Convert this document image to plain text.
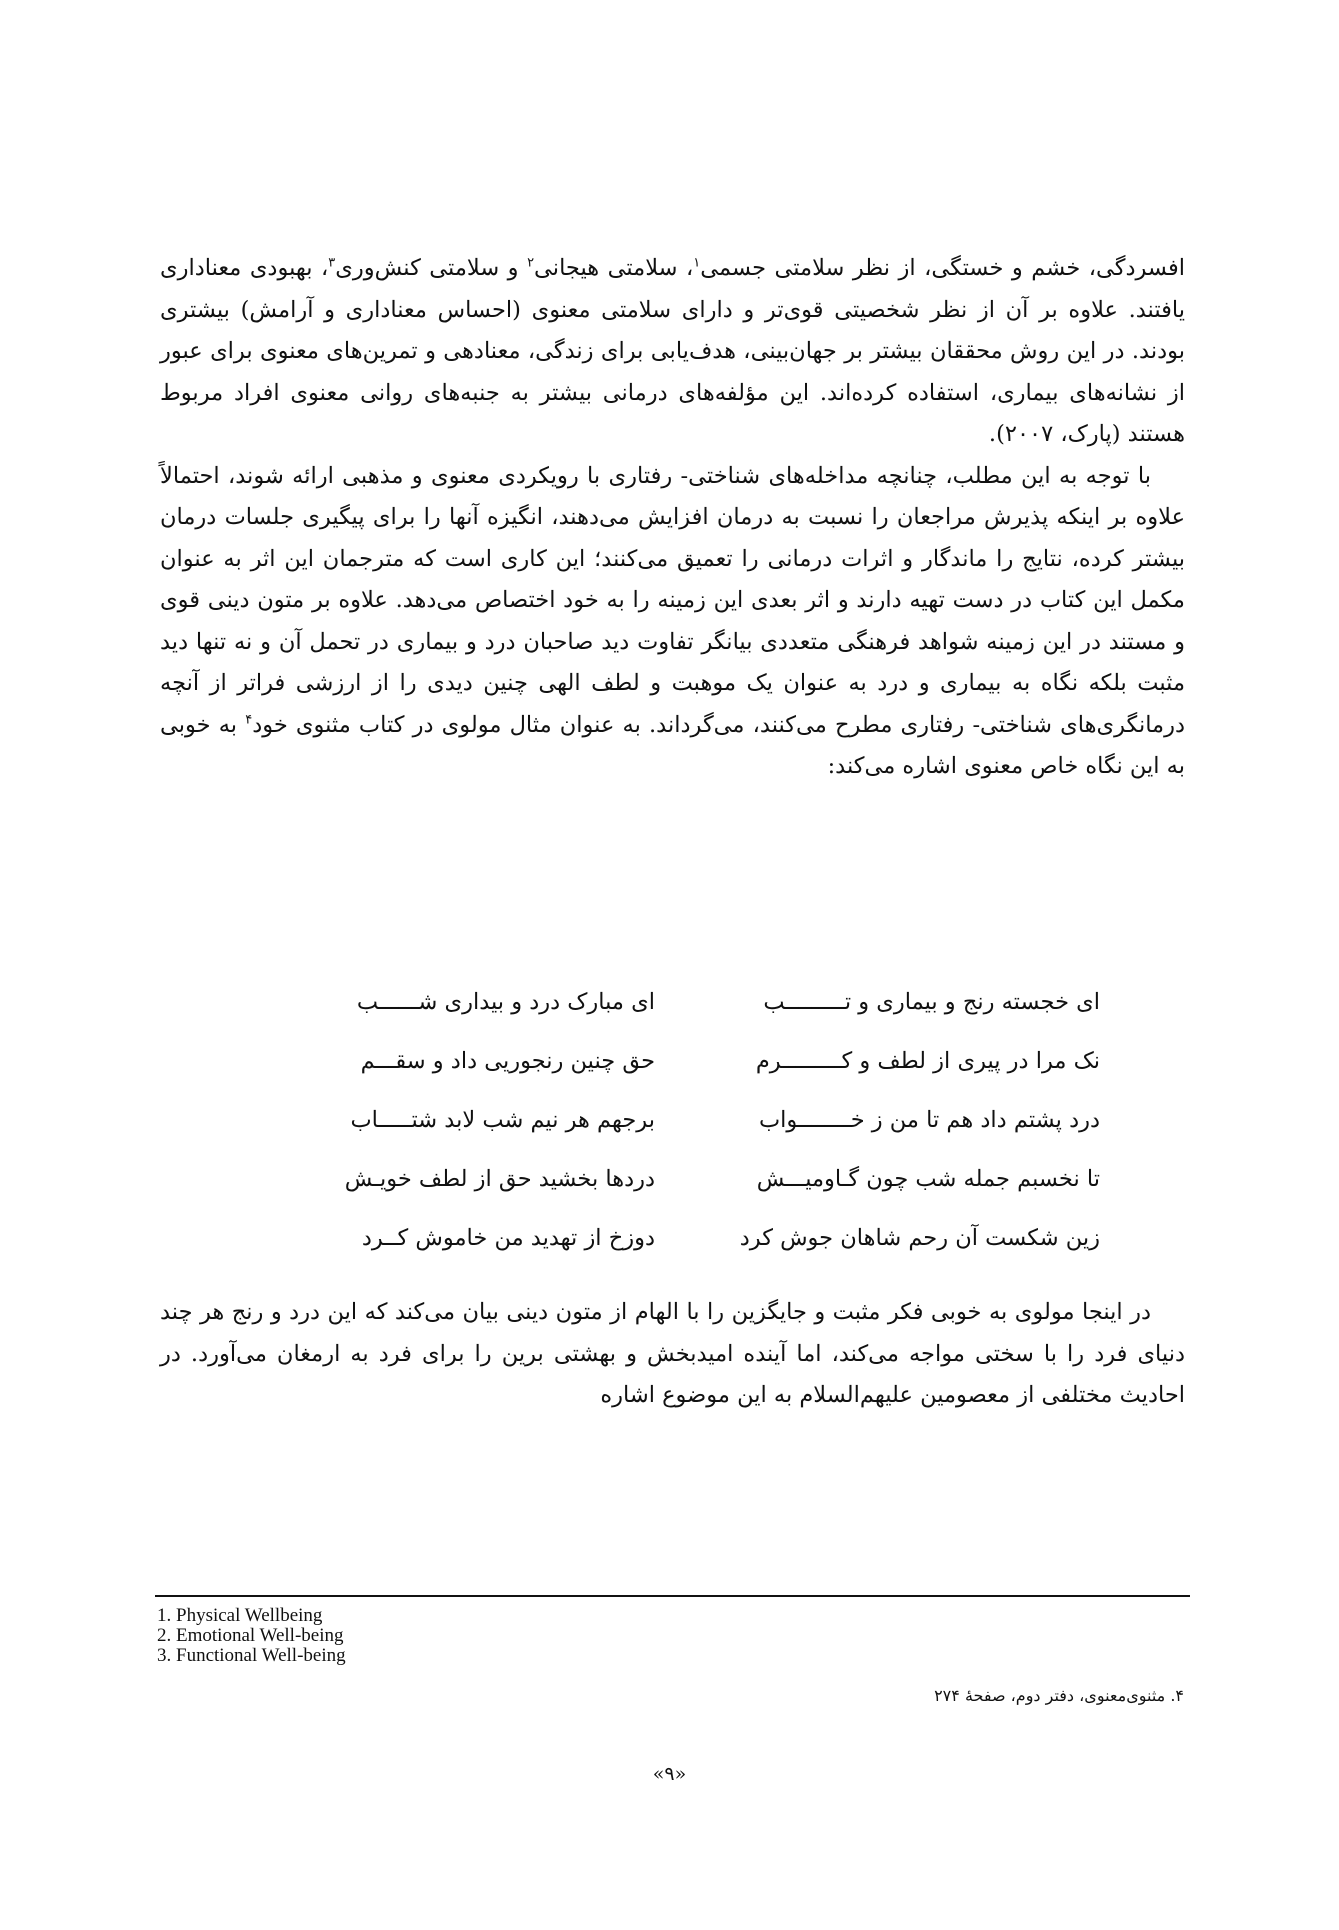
افسردگی، خشم و خستگی، از نظر سلامتی جسمی$^۱$، سلامتی هیجانی$^۲$ و سلامتی کنش‌وری$^۳$، بهبودی معناداری یافتند. علاوه بر آن از نظر شخصیتی قوی‌تر و دارای سلامتی معنوی (احساس معناداری و آرامش) بیشتری بودند. در این روش محققان بیشتر بر جهان‌بینی، هدف‌یابی برای زندگی، معنادهی و تمرین‌های معنوی برای عبور از نشانه‌های بیماری، استفاده کرده‌اند. این مؤلفه‌های درمانی بیشتر به جنبه‌های روانی معنوی افراد مربوط هستند (پارک، ۲۰۰۷).

با توجه به این مطلب، چنانچه مداخله‌های شناختی- رفتاری با رویکردی معنوی و مذهبی ارائه شوند، احتمالاً علاوه بر اینکه پذیرش مراجعان را نسبت به درمان افزایش می‌دهند، انگیزه آنها را برای پیگیری جلسات درمان بیشتر کرده، نتایج را ماندگار و اثرات درمانی را تعمیق می‌کنند؛ این کاری است که مترجمان این اثر به عنوان مکمل این کتاب در دست تهیه دارند و اثر بعدی این زمینه را به خود اختصاص می‌دهد. علاوه بر متون دینی قوی و مستند در این زمینه شواهد فرهنگی متعددی بیانگر تفاوت دید صاحبان درد و بیماری در تحمل آن و نه تنها دید مثبت بلکه نگاه به بیماری و درد به عنوان یک موهبت و لطف الهی چنین دیدی را از ارزشی فراتر از آنچه درمانگری‌های شناختی- رفتاری مطرح می‌کنند، می‌گرداند. به عنوان مثال مولوی در کتاب مثنوی خود$^۴$ به خوبی به این نگاه خاص معنوی اشاره می‌کند:

ای خجسته رنج و بیماری و تـــــــــب
ای مبارک درد و بیداری شــــــب
نک مرا در پیری از لطف و کـــــــــرم
حق چنین رنجوریی داد و سقـــم
درد پشتم داد هم تا من ز خــــــــواب
برجهم هر نیم شب لابد شتـــــاب
تا نخسبم جمله شب چون گـاومیـــش
دردها بخشید حق از لطف خویـش
زین شکست آن رحم شاهان جوش کرد
دوزخ از تهدید من خاموش کــرد

در اینجا مولوی به خوبی فکر مثبت و جایگزین را با الهام از متون دینی بیان می‌کند که این درد و رنج هر چند دنیای فرد را با سختی مواجه می‌کند، اما آینده امیدبخش و بهشتی برین را برای فرد به ارمغان می‌آورد. در احادیث مختلفی از معصومین علیهم‌السلام به این موضوع اشاره

1. Physical Wellbeing
2. Emotional Well-being
3. Functional Well-being
۴. مثنوی‌معنوی، دفتر دوم، صفحهٔ ۲۷۴
«۹»
